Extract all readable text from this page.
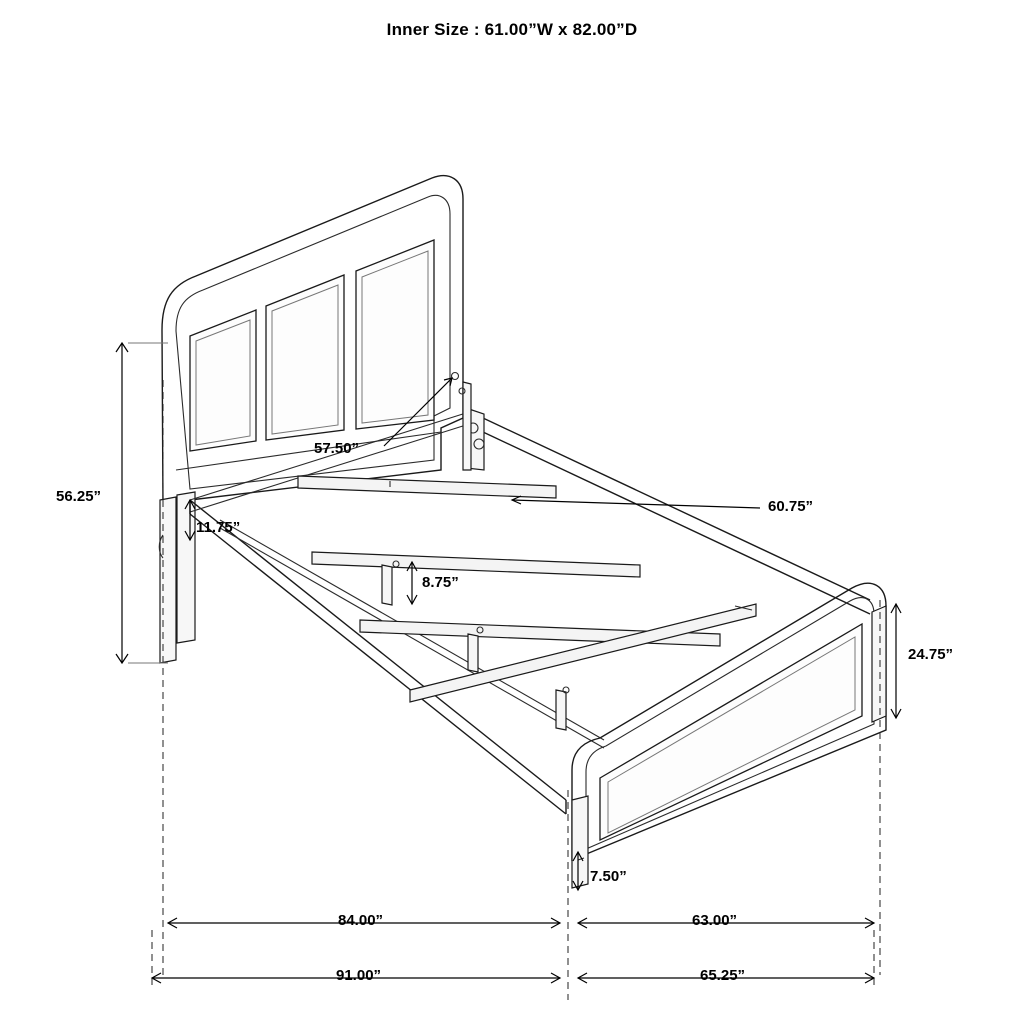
Inner Size : 61.00”W x 82.00”D
56.25”
57.50”
11.75”
8.75”
60.75”
24.75”
7.50”
84.00”	63.00”
91.00”	65.25”
